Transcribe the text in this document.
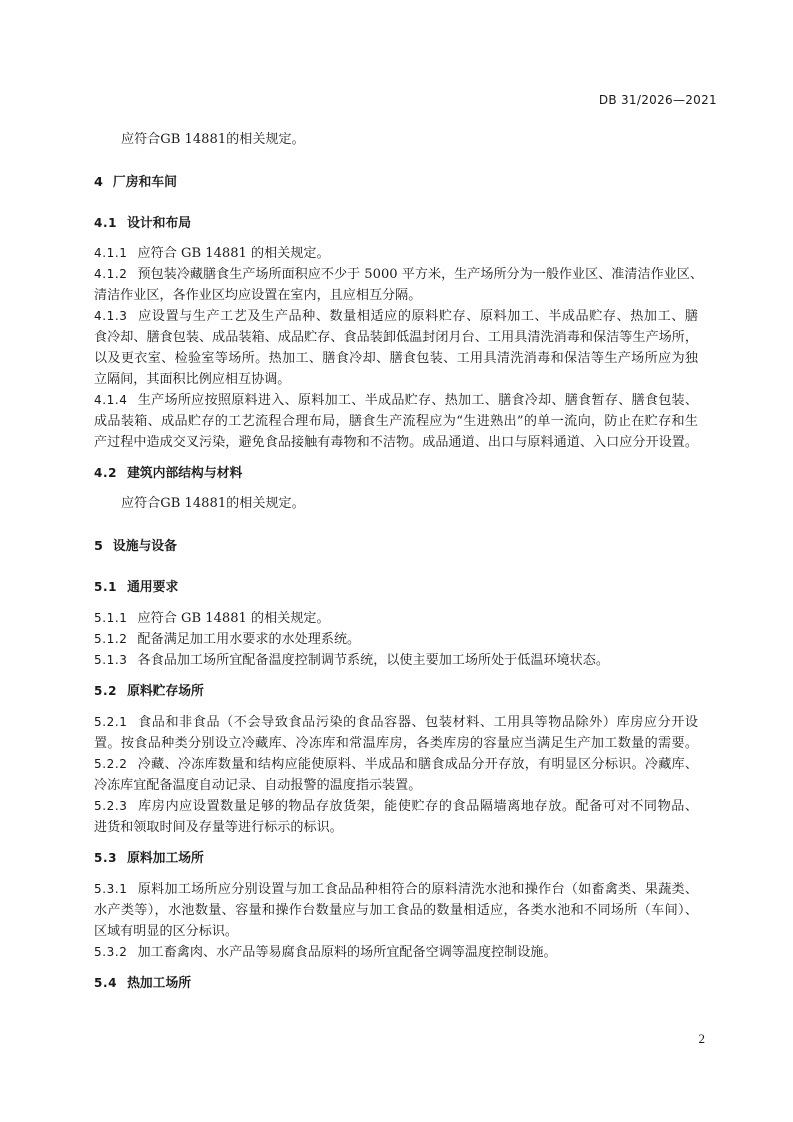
DB 31/2026—2021
应符合GB 14881的相关规定。
4 厂房和车间
4.1 设计和布局
4.1.1 应符合 GB 14881 的相关规定。
4.1.2 预包装冷藏膳食生产场所面积应不少于 5000 平方米，生产场所分为一般作业区、准清洁作业区、
清洁作业区，各作业区均应设置在室内，且应相互分隔。
4.1.3 应设置与生产工艺及生产品种、数量相适应的原料贮存、原料加工、半成品贮存、热加工、膳
食冷却、膳食包装、成品装箱、成品贮存、食品装卸低温封闭月台、工用具清洗消毒和保洁等生产场所，
以及更衣室、检验室等场所。热加工、膳食冷却、膳食包装、工用具清洗消毒和保洁等生产场所应为独
立隔间，其面积比例应相互协调。
4.1.4 生产场所应按照原料进入、原料加工、半成品贮存、热加工、膳食冷却、膳食暂存、膳食包装、
成品装箱、成品贮存的工艺流程合理布局，膳食生产流程应为“生进熟出”的单一流向，防止在贮存和生
产过程中造成交叉污染，避免食品接触有毒物和不洁物。成品通道、出口与原料通道、入口应分开设置。
4.2 建筑内部结构与材料
应符合GB 14881的相关规定。
5 设施与设备
5.1 通用要求
5.1.1 应符合 GB 14881 的相关规定。
5.1.2 配备满足加工用水要求的水处理系统。
5.1.3 各食品加工场所宜配备温度控制调节系统，以使主要加工场所处于低温环境状态。
5.2 原料贮存场所
5.2.1 食品和非食品（不会导致食品污染的食品容器、包装材料、工用具等物品除外）库房应分开设
置。按食品种类分别设立冷藏库、冷冻库和常温库房，各类库房的容量应当满足生产加工数量的需要。
5.2.2 冷藏、冷冻库数量和结构应能使原料、半成品和膳食成品分开存放，有明显区分标识。冷藏库、
冷冻库宜配备温度自动记录、自动报警的温度指示装置。
5.2.3 库房内应设置数量足够的物品存放货架，能使贮存的食品隔墙离地存放。配备可对不同物品、
进货和领取时间及存量等进行标示的标识。
5.3 原料加工场所
5.3.1 原料加工场所应分别设置与加工食品品种相符合的原料清洗水池和操作台（如畜禽类、果蔬类、
水产类等），水池数量、容量和操作台数量应与加工食品的数量相适应，各类水池和不同场所（车间）、
区域有明显的区分标识。
5.3.2 加工畜禽肉、水产品等易腐食品原料的场所宜配备空调等温度控制设施。
5.4 热加工场所
2
